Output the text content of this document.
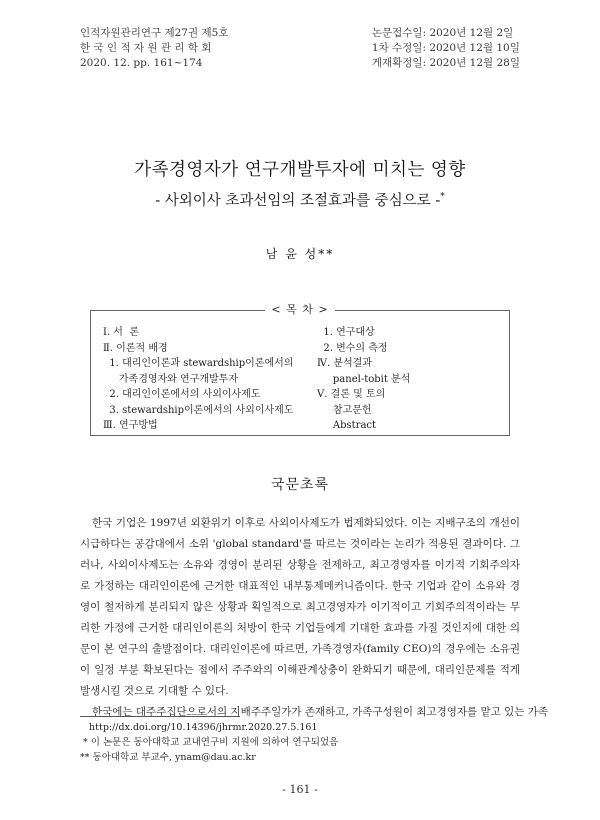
인적자원관리연구 제27권 제5호
한 국 인 적 자 원 관 리 학 회
2020. 12. pp. 161~174
논문접수일: 2020년 12월 2일
1차 수정일: 2020년 12월 10일
게재확정일: 2020년 12월 28일
가족경영자가 연구개발투자에 미치는 영향
- 사외이사 초과선임의 조절효과를 중심으로 -*
남 윤 성**
< 목 차 >
Ⅰ. 서  론
Ⅱ. 이론적 배경
1. 대리인이론과 stewardship이론에서의
가족경영자와 연구개발투자
2. 대리인이론에서의 사외이사제도
3. stewardship이론에서의 사외이사제도
Ⅲ. 연구방법
1. 연구대상
2. 변수의 측정
Ⅳ. 분석결과
panel-tobit 분석
Ⅴ. 결론 및 토의
참고문헌
Abstract
국문초록

한국 기업은 1997년 외환위기 이후로 사외이사제도가 법제화되었다. 이는 지배구조의 개선이 시급하다는 공감대에서 소위 'global standard'를 따르는 것이라는 논리가 적용된 결과이다. 그러나, 사외이사제도는 소유와 경영이 분리된 상황을 전제하고, 최고경영자를 이기적 기회주의자로 가정하는 대리인이론에 근거한 대표적인 내부통제메커니즘이다. 한국 기업과 같이 소유와 경영이 철저하게 분리되지 않은 상황과 획일적으로 최고경영자가 이기적이고 기회주의적이라는 무리한 가정에 근거한 대리인이론의 처방이 한국 기업들에게 기대한 효과를 가질 것인지에 대한 의문이 본 연구의 출발점이다. 대리인이론에 따르면, 가족경영자(family CEO)의 경우에는 소유권이 일정 부분 확보된다는 점에서 주주와의 이해관계상충이 완화되기 때문에, 대리인문제를 적게 발생시킬 것으로 기대할 수 있다.

한국에는 대주주집단으로서의 지배주주일가가 존재하고, 가족구성원이 최고경영자를 맡고 있는 가족

http://dx.doi.org/10.14396/jhrmr.2020.27.5.161
* 이 논문은 동아대학교 교내연구비 지원에 의하여 연구되었음
** 동아대학교 부교수, ynam@dau.ac.kr
- 161 -
